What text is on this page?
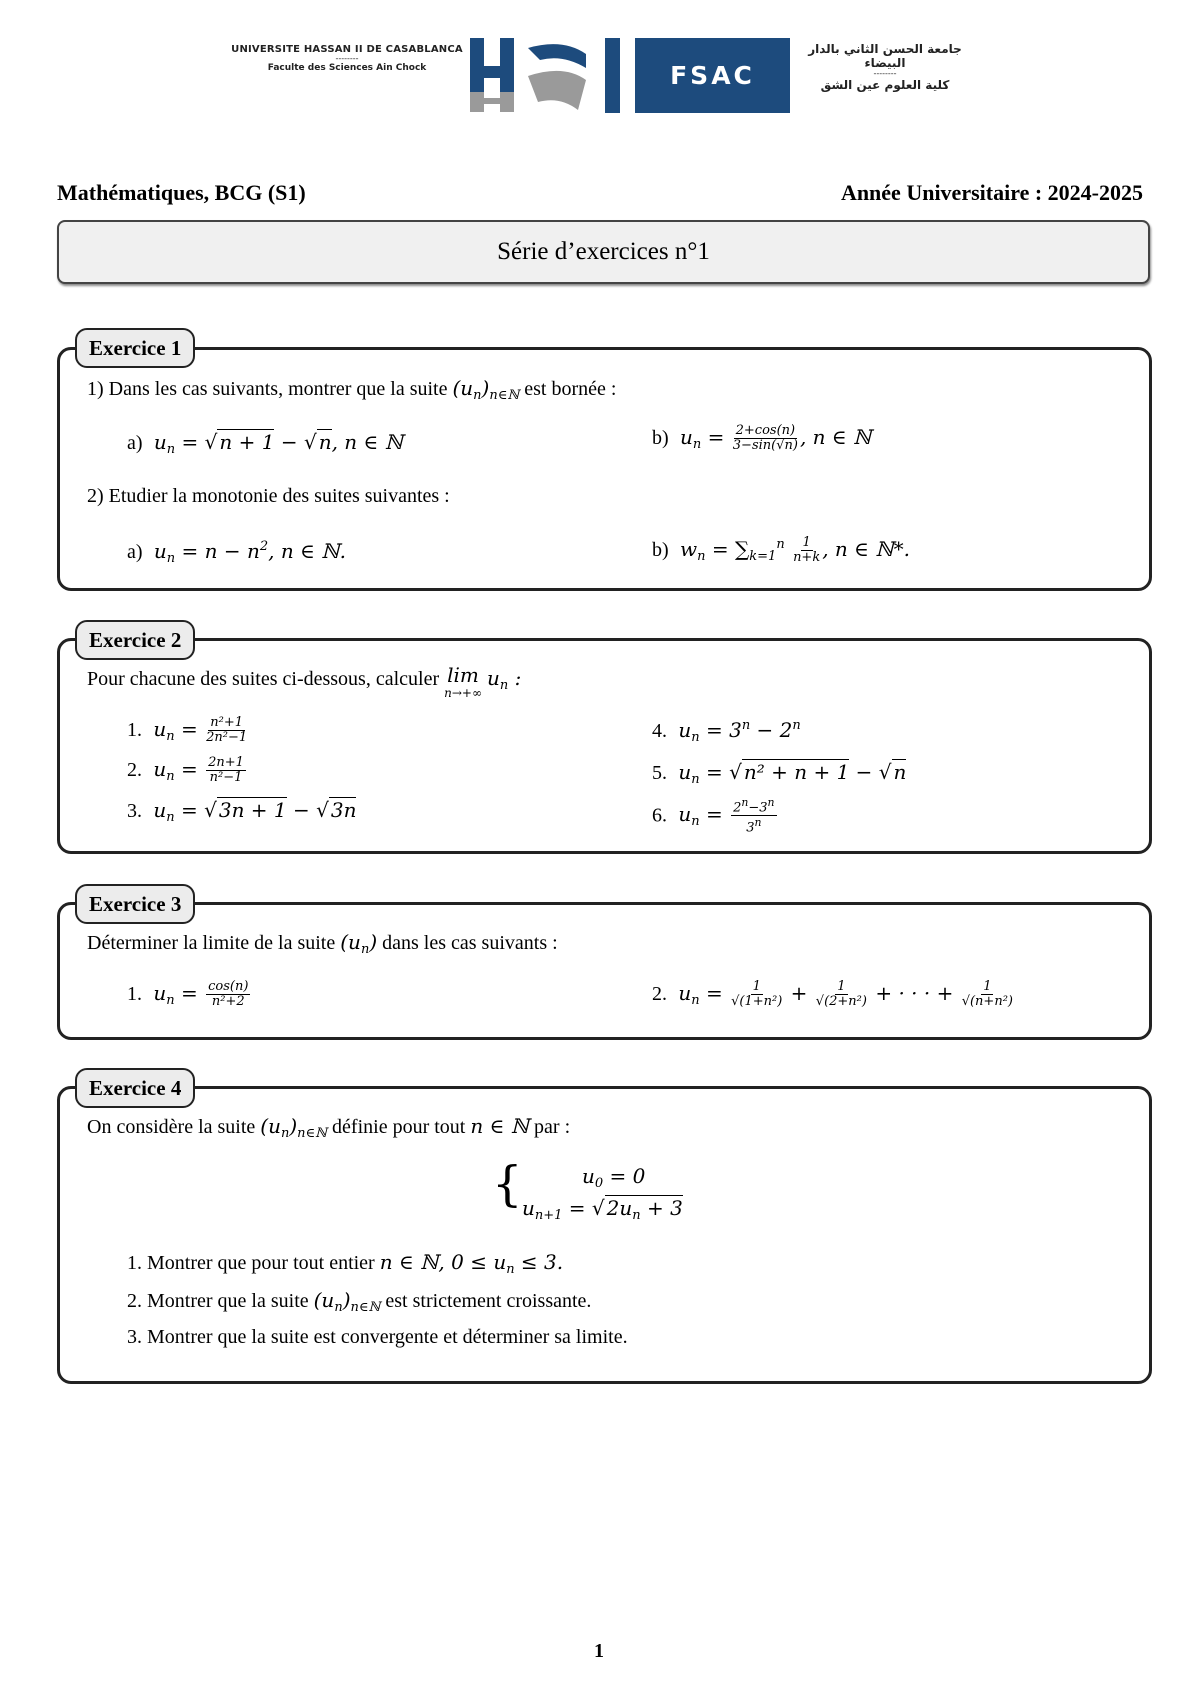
UNIVERSITE HASSAN II DE CASABLANCA
--------
Faculte des Sciences Ain Chock	FSAC
جامعة الحسن الثاني بالدار البيضاء
--------
كلية العلوم عين الشق
Mathématiques, BCG (S1)	Année Universitaire : 2024-2025
Série d’exercices n°1
Exercice 1
1) Dans les cas suivants, montrer que la suite $(u_n)_{n\in ℕ}$ est bornée :
a)  $u_n$ = √ n + 1 − √ n, n ∈ ℕ	b)  $u_n = \frac{2+\cos(n)}{3-\sin(√n)}$ , n ∈ ℕ
2) Etudier la monotonie des suites suivantes :
a)  $u_n = n - n^2$, n ∈ ℕ.	b)  $w_n = \sum_{k=1}^n \frac{1}{n+k}$ , n ∈ ℕ*.
Exercice 2
Pour chacune des suites ci-dessous, calculer lim
n→+∞
$u_n$ :
1.  $u_n = \frac{\text{n²+1}}{\text{2n²−1}}$
2.  $u_n = \frac{2n+1}{\text{n²−1}}$
3.  $u_n$ = √ 3n + 1 − √ 3n
4.  $u_n = 3^n - 2^n$
5.  $u_n$ = √ n² + n + 1 − √ n
6.  $u_n = \frac{2^n-3^n}{3^n}$
Exercice 3
Déterminer la limite de la suite $(u_n)$ dans les cas suivants :
1.  $u_n = \frac{\cos(n)}{\text{n²+2}}$	2.  $u_n = \frac{1}{\text{√(1+n²)}} + \frac{1}{\text{√(2+n²)}}$ + · · · + $\frac{1}{\text{√(n+n²)}}$
Exercice 4
On considère la suite $(u_n)_{n\in ℕ}$ définie pour tout n ∈ ℕ par :
{	$u_0 = 0$
$u_{n+1}$ = √ $2u_n + 3$
1. Montrer que pour tout entier n ∈ ℕ, $0 \le u_n \le 3$.
2. Montrer que la suite $(u_n)_{n\in ℕ}$ est strictement croissante.
3. Montrer que la suite est convergente et déterminer sa limite.
1
